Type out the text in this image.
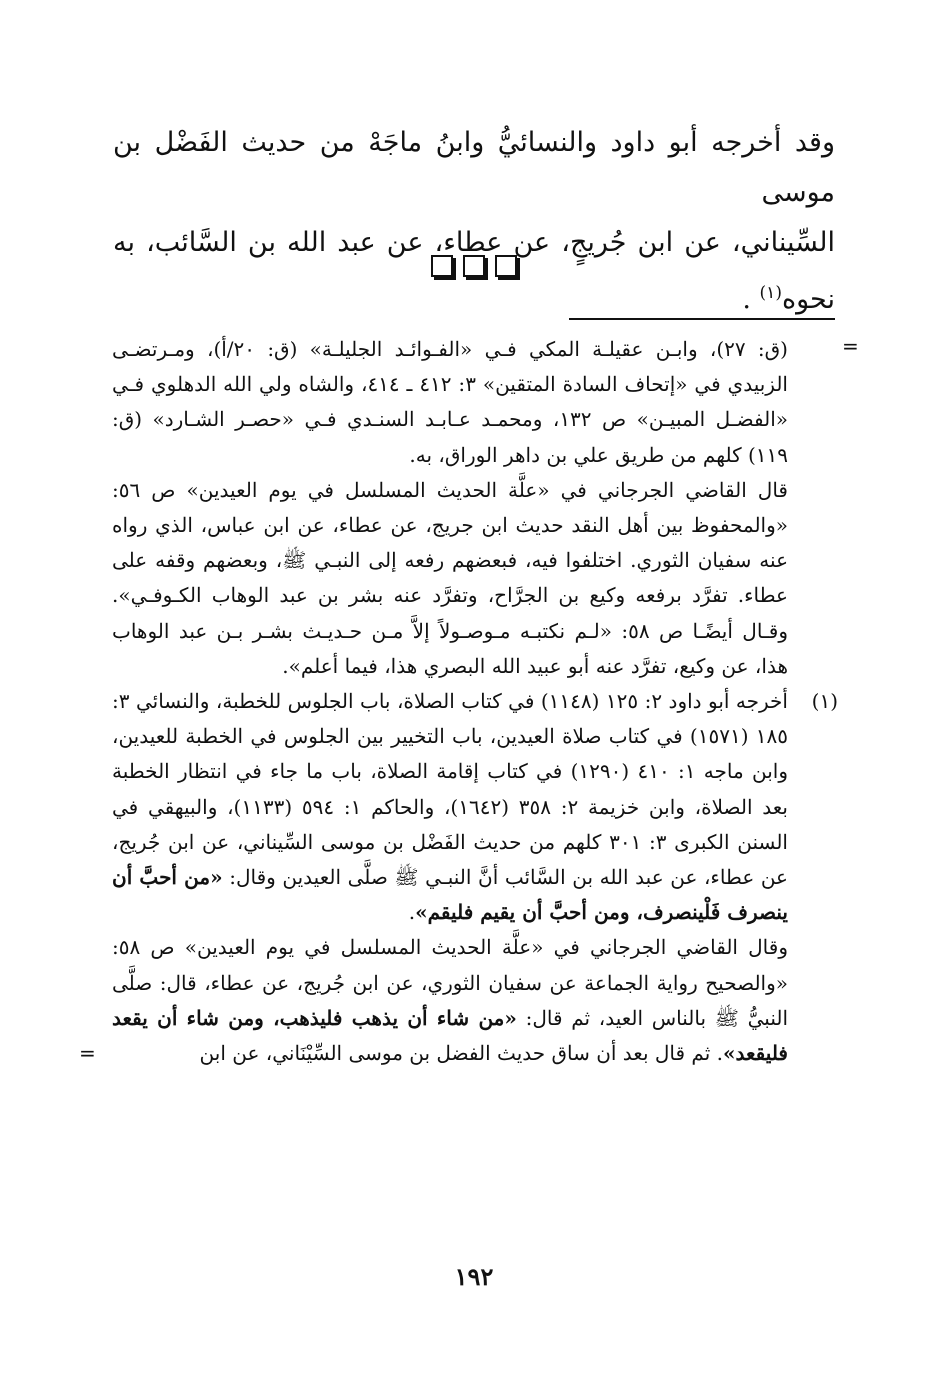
وقد أخرجه أبو داود والنسائيُّ وابنُ ماجَهْ من حديث الفَضْل بن موسى

السِّيناني، عن ابن جُريجٍ، عن عطاء، عن عبد الله بن السَّائب، به نحوه$^{(١)}$ .

=

(ق: ٢٧)، وابـن عقيلـة المكي فـي «الفـوائـد الجليلـة» (ق: ٢٠/أ)، ومـرتضـى الزبيدي في «إتحاف السادة المتقين» ٣: ٤١٢ ـ ٤١٤، والشاه ولي الله الدهلوي فـي «الفضـل المبيـن» ص ١٣٢، ومحمـد عـابـد السنـدي فـي «حصـر الشـارد» (ق: ١١٩) كلهم من طريق علي بن داهر الوراق، به.

قال القاضي الجرجاني في «علَّة الحديث المسلسل في يوم العيدين» ص ٥٦: «والمحفوظ بين أهل النقد حديث ابن جريج، عن عطاء، عن ابن عباس، الذي رواه عنه سفيان الثوري. اختلفوا فيه، فبعضهم رفعه إلى النبـي ﷺ، وبعضهم وقفه على عطاء. تفرَّد برفعه وكيع بن الجرَّاح، وتفرَّد عنه بشر بن عبد الوهاب الكـوفـي». وقـال أيضًـا ص ٥٨: «لـم نكتبـه مـوصـولاً إلاَّ مـن حـديـث بشـر بـن عبد الوهاب هذا، عن وكيع، تفرَّد عنه أبو عبيد الله البصري هذا، فيما أعلم».

(١)

أخرجه أبو داود ٢: ١٢٥ (١١٤٨) في كتاب الصلاة، باب الجلوس للخطبة، والنسائي ٣: ١٨٥ (١٥٧١) في كتاب صلاة العيدين، باب التخيير بين الجلوس في الخطبة للعيدين، وابن ماجه ١: ٤١٠ (١٢٩٠) في كتاب إقامة الصلاة، باب ما جاء في انتظار الخطبة بعد الصلاة، وابن خزيمة ٢: ٣٥٨ (١٦٤٢)، والحاكم ١: ٥٩٤ (١١٣٣)، والبيهقي في السنن الكبرى ٣: ٣٠١ كلهم من حديث الفَضْل بن موسى السِّيناني، عن ابن جُريج، عن عطاء، عن عبد الله بن السَّائب أنَّ النبـي ﷺ صلَّى العيدين وقال: «من أحبَّ أن ينصرف فَلْينصرف، ومن أحبَّ أن يقيم فليقم».

وقال القاضي الجرجاني في «علَّة الحديث المسلسل في يوم العيدين» ص ٥٨: «والصحيح رواية الجماعة عن سفيان الثوري، عن ابن جُريج، عن عطاء، قال: صلَّى النبيُّ ﷺ بالناس العيد، ثم قال: «من شاء أن يذهب فليذهب، ومن شاء أن يقعد فليقعد». ثم قال بعد أن ساق حديث الفضل بن موسى السِّيْنَاني، عن ابن

=
١٩٢
